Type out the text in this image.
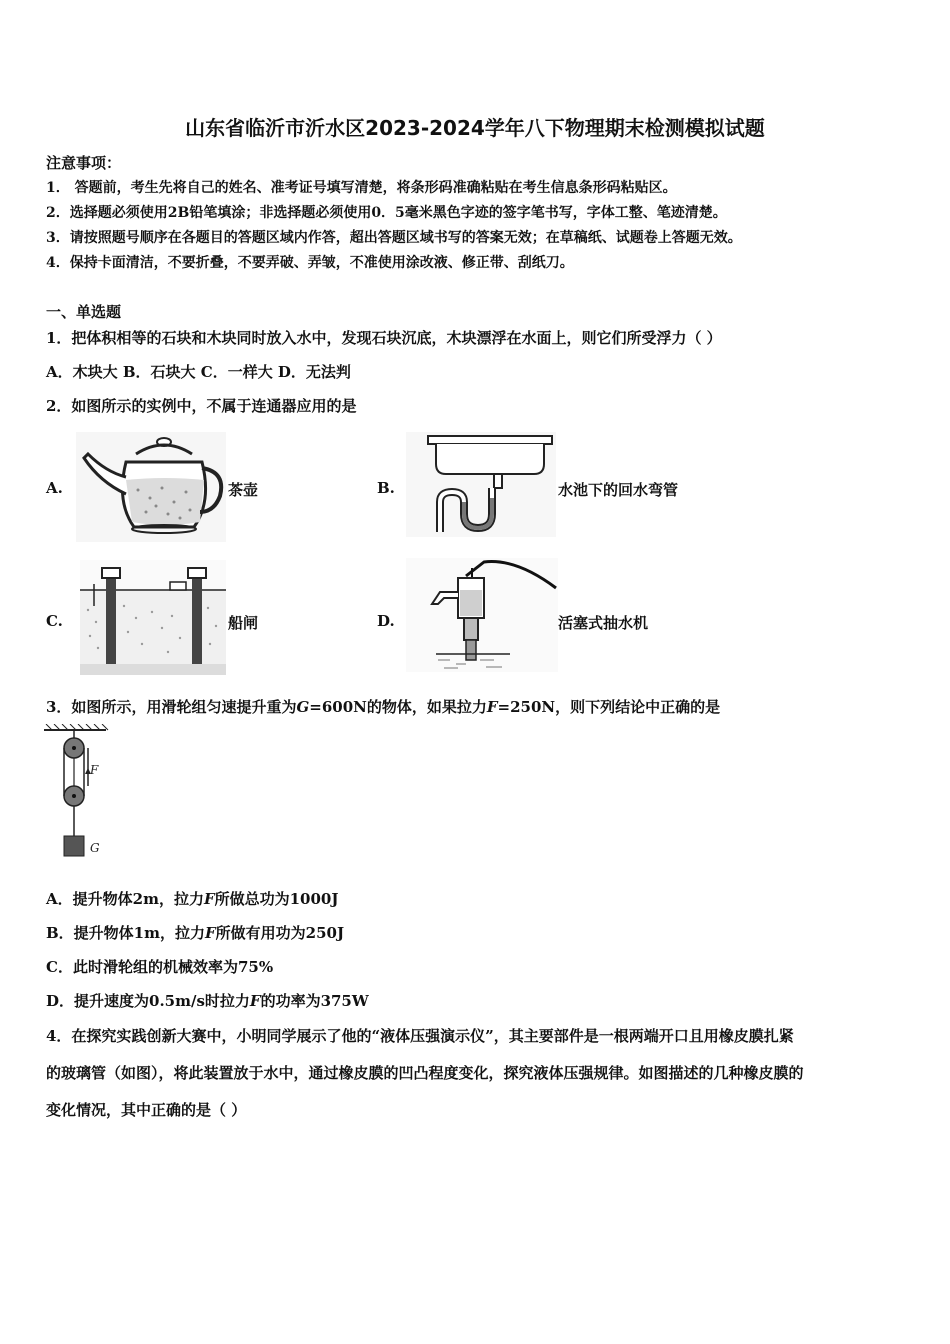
山东省临沂市沂水区2023-2024学年八下物理期末检测模拟试题
注意事项：
1． 答题前，考生先将自己的姓名、准考证号填写清楚，将条形码准确粘贴在考生信息条形码粘贴区。
2．选择题必须使用2B铅笔填涂；非选择题必须使用0．5毫米黑色字迹的签字笔书写，字体工整、笔迹清楚。
3．请按照题号顺序在各题目的答题区域内作答，超出答题区域书写的答案无效；在草稿纸、试题卷上答题无效。
4．保持卡面清洁，不要折叠，不要弄破、弄皱，不准使用涂改液、修正带、刮纸刀。
一、单选题
1．把体积相等的石块和木块同时放入水中，发现石块沉底，木块漂浮在水面上，则它们所受浮力（ ）
A．木块大 B．石块大 C．一样大 D．无法判
2．如图所示的实例中，不属于连通器应用的是
A.	茶壶	B.	水池下的回水弯管
C.	船闸	D.	活塞式抽水机
3．如图所示，用滑轮组匀速提升重为G=600N的物体，如果拉力F=250N，则下列结论中正确的是
F
G
A．提升物体2m，拉力F所做总功为1000J
B．提升物体1m，拉力F所做有用功为250J
C．此时滑轮组的机械效率为75%
D．提升速度为0.5m/s时拉力F的功率为375W
4．在探究实践创新大赛中，小明同学展示了他的“液体压强演示仪”，其主要部件是一根两端开口且用橡皮膜扎紧
的玻璃管（如图），将此装置放于水中，通过橡皮膜的凹凸程度变化，探究液体压强规律。如图描述的几种橡皮膜的
变化情况，其中正确的是（ ）
